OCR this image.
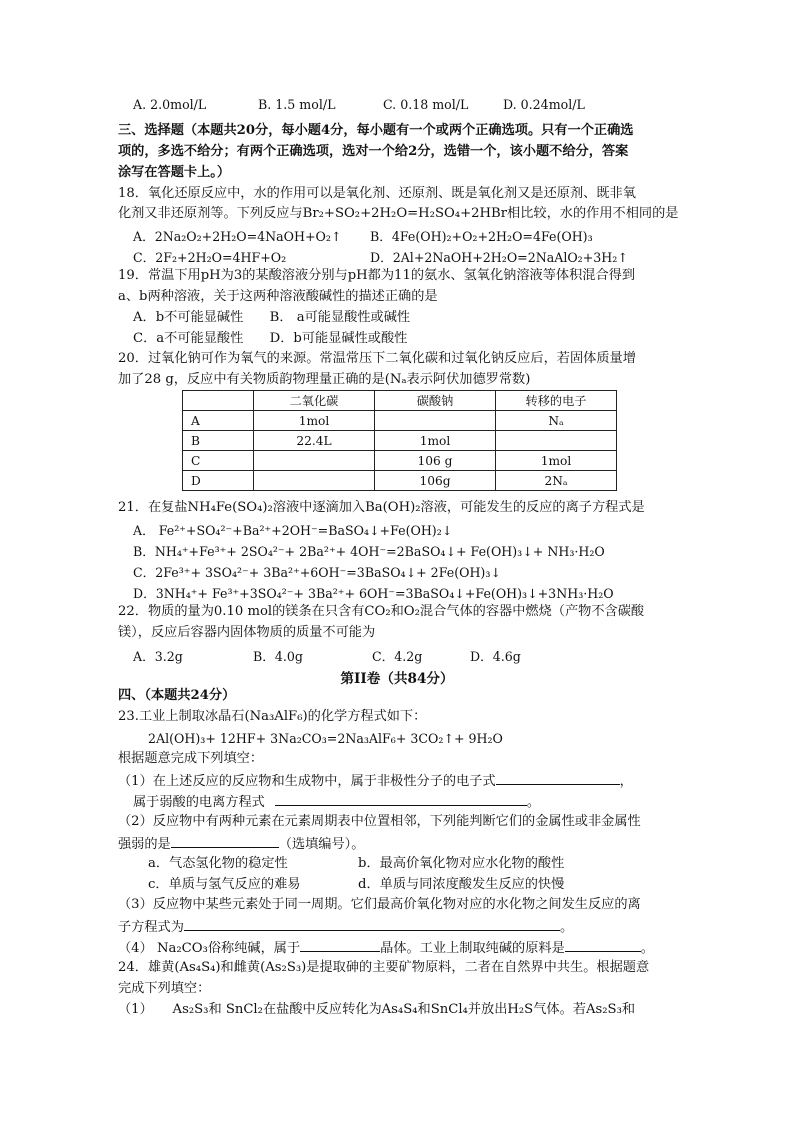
A. 2.0mol/L	B. 1.5 mol/L	C. 0.18 mol/L	D. 0.24mol/L
三、选择题（本题共20分，每小题4分，每小题有一个或两个正确选项。只有一个正确选
项的，多选不给分；有两个正确选项，选对一个给2分，选错一个，该小题不给分，答案
涂写在答题卡上。）
18．氧化还原反应中，水的作用可以是氧化剂、还原剂、既是氧化剂又是还原剂、既非氧
化剂又非还原剂等。下列反应与Br₂+SO₂+2H₂O=H₂SO₄+2HBr相比较，水的作用不相同的是
A．2Na₂O₂+2H₂O=4NaOH+O₂↑ B．4Fe(OH)₂+O₂+2H₂O=4Fe(OH)₃
C．2F₂+2H₂O=4HF+O₂	D．2Al+2NaOH+2H₂O=2NaAlO₂+3H₂↑
19．常温下用pH为3的某酸溶液分别与pH都为11的氨水、氢氧化钠溶液等体积混合得到
a、b两种溶液，关于这两种溶液酸碱性的描述正确的是
A．b不可能显碱性　　B． a可能显酸性或碱性
C．a不可能显酸性　　D．b可能显碱性或酸性
20．过氧化钠可作为氧气的来源。常温常压下二氧化碳和过氧化钠反应后，若固体质量增
加了28 g，反应中有关物质韵物理量正确的是(Nₐ表示阿伏加德罗常数)
	二氧化碳	碳酸钠	转移的电子
A	1mol		Nₐ
B	22.4L	1mol	
C		106 g	1mol
D		106g	2Nₐ
21．在复盐NH₄Fe(SO₄)₂溶液中逐滴加入Ba(OH)₂溶液，可能发生的反应的离子方程式是
A． Fe²⁺+SO₄²⁻+Ba²⁺+2OH⁻=BaSO₄↓+Fe(OH)₂↓
B．NH₄⁺+Fe³⁺+ 2SO₄²⁻+ 2Ba²⁺+ 4OH⁻=2BaSO₄↓+ Fe(OH)₃↓+ NH₃·H₂O
C．2Fe³⁺+ 3SO₄²⁻+ 3Ba²⁺+6OH⁻=3BaSO₄↓+ 2Fe(OH)₃↓
D．3NH₄⁺+ Fe³⁺+3SO₄²⁻+ 3Ba²⁺+ 6OH⁻=3BaSO₄↓+Fe(OH)₃↓+3NH₃·H₂O
22．物质的量为0.10 mol的镁条在只含有CO₂和O₂混合气体的容器中燃烧（产物不含碳酸
镁），反应后容器内固体物质的质量不可能为
A．3.2g	B．4.0g	C．4.2g	D．4.6g
第II卷（共84分）
四、（本题共24分）
23.工业上制取冰晶石(Na₃AlF₆)的化学方程式如下：
2Al(OH)₃+ 12HF+ 3Na₂CO₃=2Na₃AlF₆+ 3CO₂↑+ 9H₂O
根据题意完成下列填空：
（1）在上述反应的反应物和生成物中，属于非极性分子的电子式	，
属于弱酸的电离方程式	。
（2）反应物中有两种元素在元素周期表中位置相邻，下列能判断它们的金属性或非金属性
强弱的是	（选填编号）。
a．气态氢化物的稳定性	b．最高价氧化物对应水化物的酸性
c．单质与氢气反应的难易	d．单质与同浓度酸发生反应的快慢
（3）反应物中某些元素处于同一周期。它们最高价氧化物对应的水化物之间发生反应的离
子方程式为	。
（4） Na₂CO₃俗称纯碱，属于	晶体。工业上制取纯碱的原料是	。
24．雄黄(As₄S₄)和雌黄(As₂S₃)是提取砷的主要矿物原料，二者在自然界中共生。根据题意
完成下列填空：
（1）　　As₂S₃和 SnCl₂在盐酸中反应转化为As₄S₄和SnCl₄并放出H₂S气体。若As₂S₃和
